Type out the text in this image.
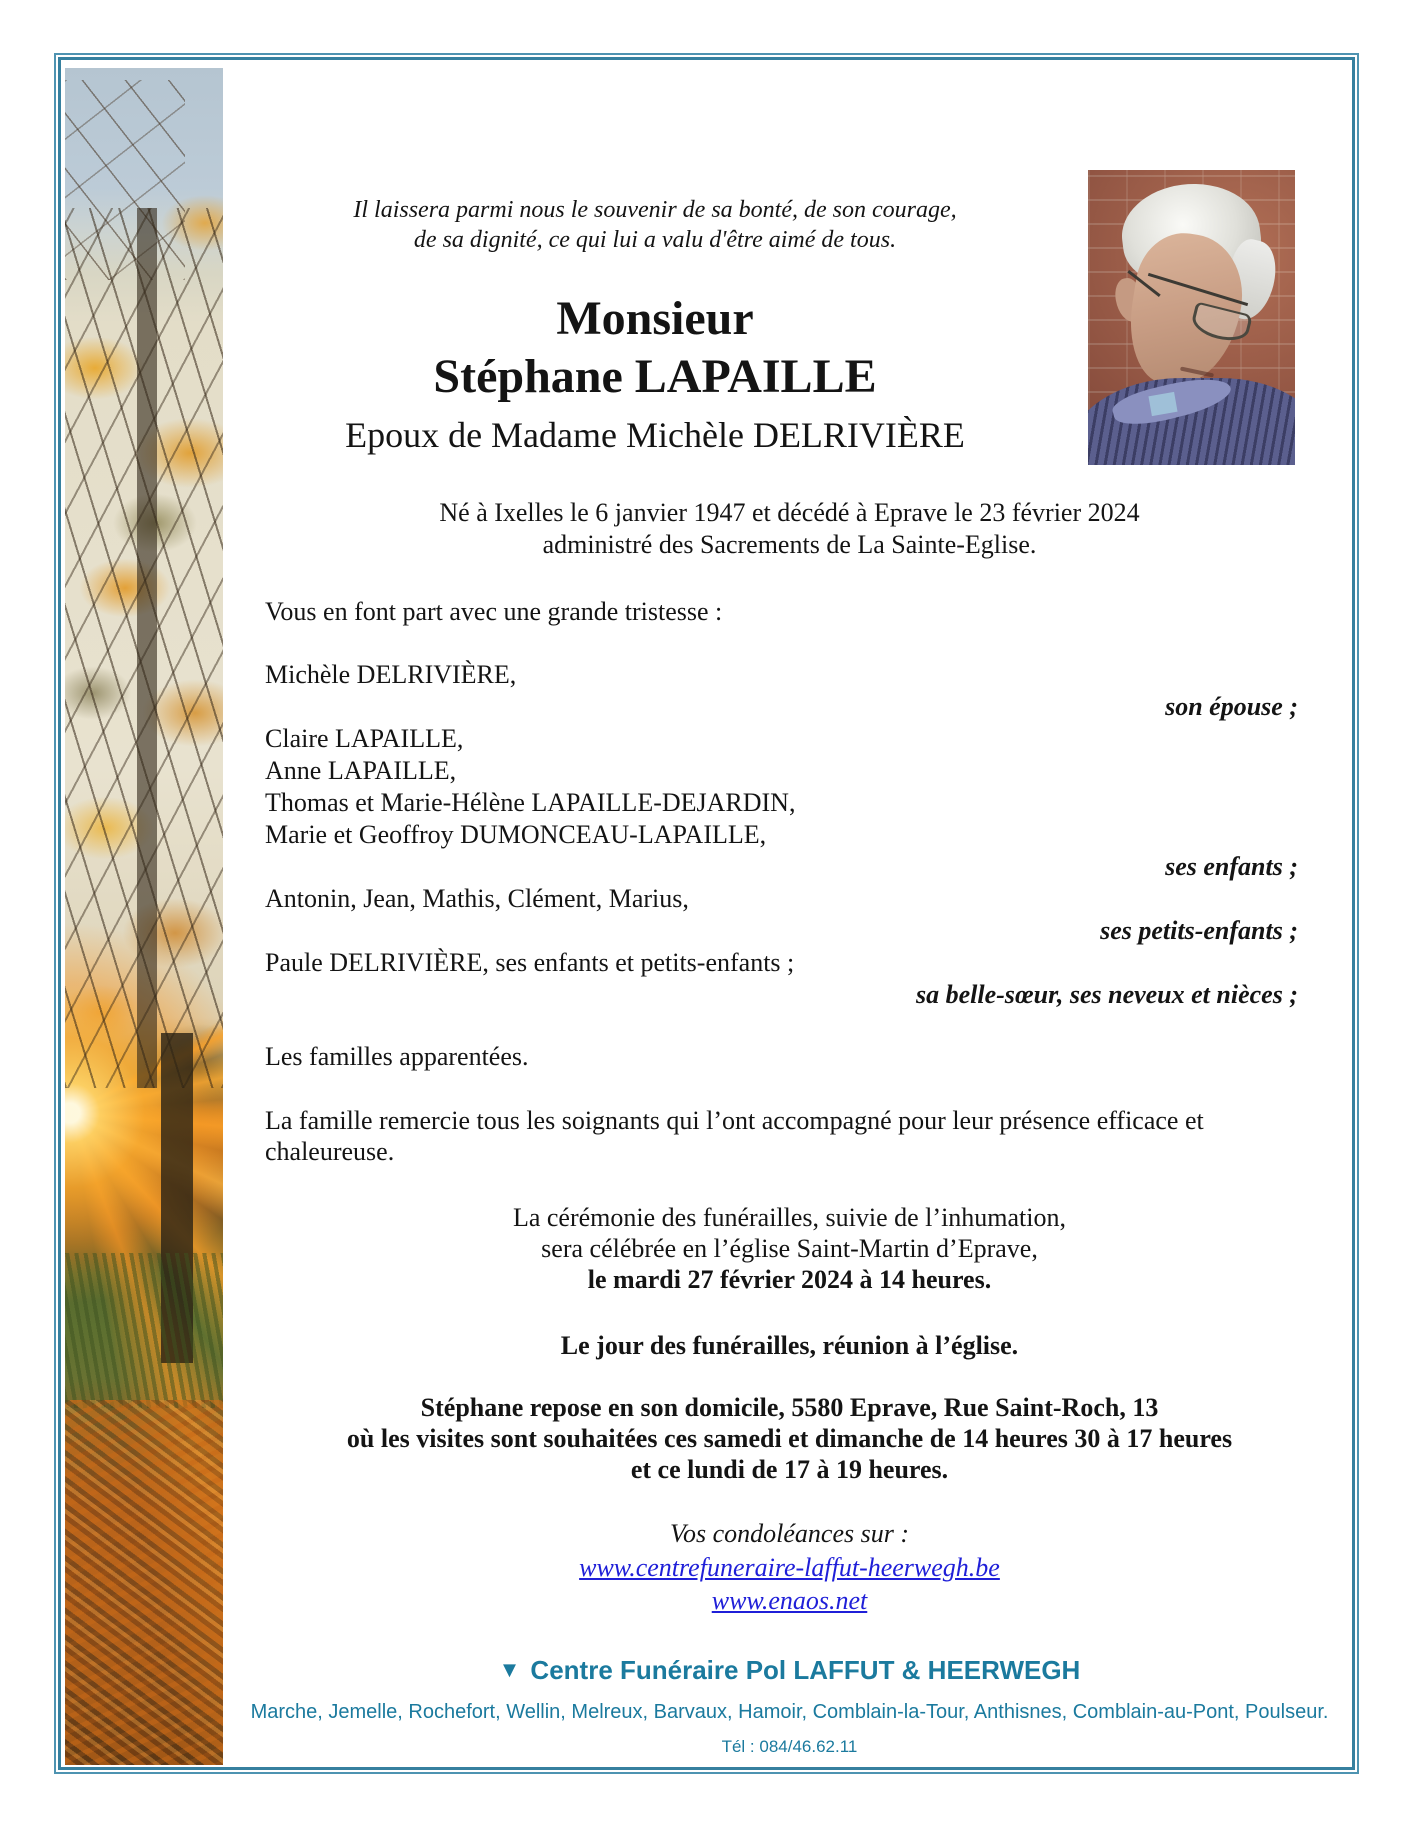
Il laissera parmi nous le souvenir de sa bonté, de son courage,
de sa dignité, ce qui lui a valu d'être aimé de tous.
Monsieur
Stéphane LAPAILLE
Epoux de Madame Michèle DELRIVIÈRE
Né à Ixelles le 6 janvier 1947 et décédé à Eprave le 23 février 2024
administré des Sacrements de La Sainte-Eglise.
Vous en font part avec une grande tristesse :
Michèle DELRIVIÈRE,
son épouse ;
Claire LAPAILLE,
Anne LAPAILLE,
Thomas et Marie-Hélène LAPAILLE-DEJARDIN,
Marie et Geoffroy DUMONCEAU-LAPAILLE,
ses enfants ;
Antonin, Jean, Mathis, Clément, Marius,
ses petits-enfants ;
Paule DELRIVIÈRE, ses enfants et petits-enfants ;
sa belle-sœur, ses neveux et nièces ;
Les familles apparentées.
La famille remercie tous les soignants qui l’ont accompagné pour leur présence efficace et
chaleureuse.
La cérémonie des funérailles, suivie de l’inhumation,
sera célébrée en l’église Saint-Martin d’Eprave,
le mardi 27 février 2024 à 14 heures.
Le jour des funérailles, réunion à l’église.
Stéphane repose en son domicile, 5580 Eprave, Rue Saint-Roch, 13
où les visites sont souhaitées ces samedi et dimanche de 14 heures 30 à 17 heures
et ce lundi de 17 à 19 heures.
Vos condoléances sur :
www.centrefuneraire-laffut-heerwegh.be
www.enaos.net
▼ Centre Funéraire Pol LAFFUT & HEERWEGH
Marche, Jemelle, Rochefort, Wellin, Melreux, Barvaux, Hamoir, Comblain-la-Tour, Anthisnes, Comblain-au-Pont, Poulseur.
Tél : 084/46.62.11
